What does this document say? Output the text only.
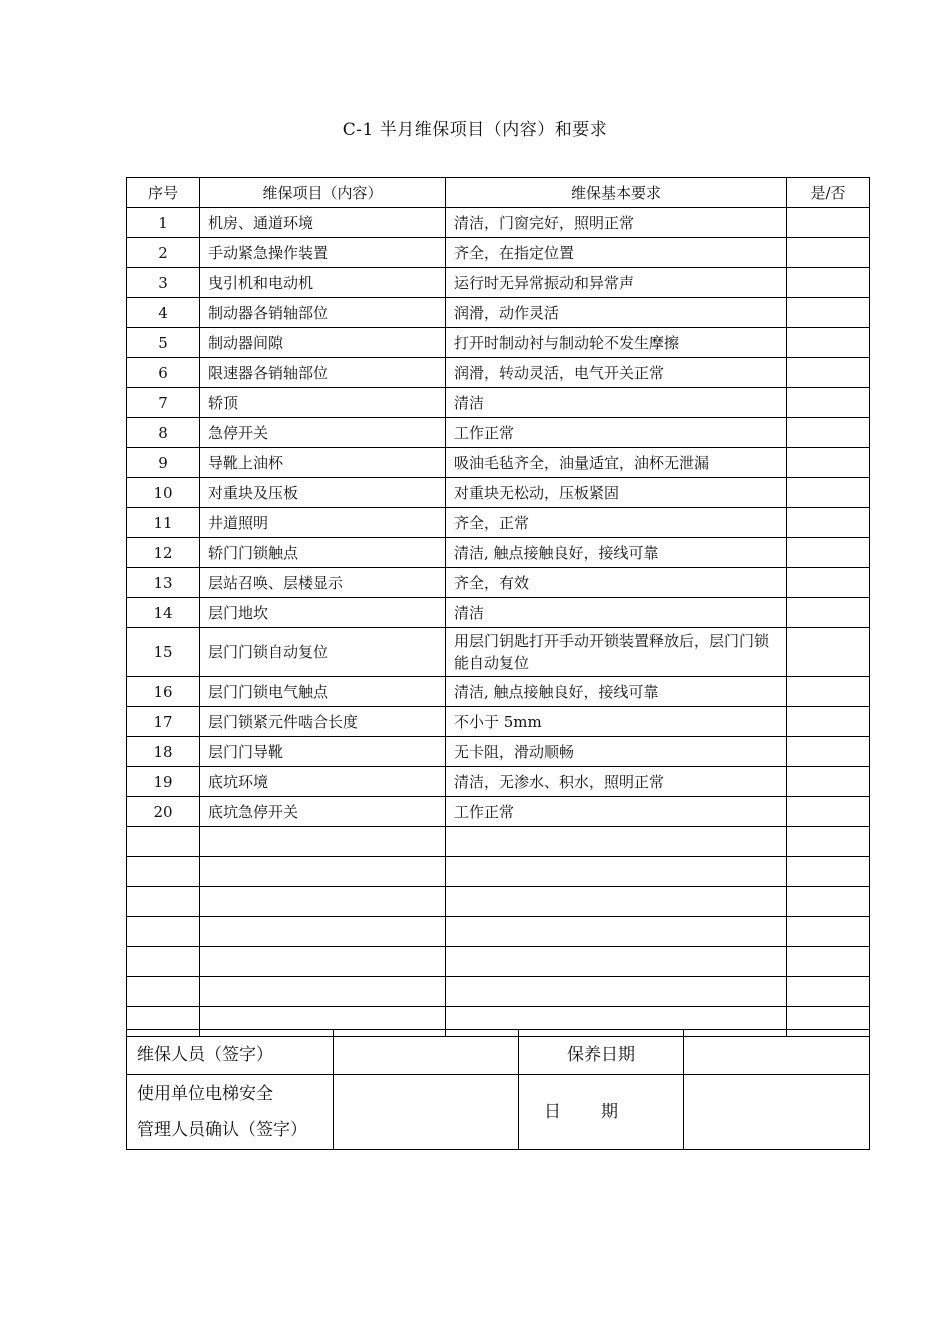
C-1 半月维保项目（内容）和要求
序号	维保项目（内容）	维保基本要求	是/否
1	机房、通道环境	清洁，门窗完好，照明正常	
2	手动紧急操作装置	齐全，在指定位置	
3	曳引机和电动机	运行时无异常振动和异常声	
4	制动器各销轴部位	润滑，动作灵活	
5	制动器间隙	打开时制动衬与制动轮不发生摩擦	
6	限速器各销轴部位	润滑，转动灵活，电气开关正常	
7	轿顶	清洁	
8	急停开关	工作正常	
9	导靴上油杯	吸油毛毡齐全，油量适宜，油杯无泄漏	
10	对重块及压板	对重块无松动，压板紧固	
11	井道照明	齐全，正常	
12	轿门门锁触点	清洁, 触点接触良好，接线可靠	
13	层站召唤、层楼显示	齐全，有效	
14	层门地坎	清洁	
15	层门门锁自动复位	用层门钥匙打开手动开锁装置释放后，层门门锁能自动复位	
16	层门门锁电气触点	清洁, 触点接触良好，接线可靠	
17	层门锁紧元件啮合长度	不小于 5mm	
18	层门门导靴	无卡阻，滑动顺畅	
19	底坑环境	清洁，无渗水、积水，照明正常	
20	底坑急停开关	工作正常	

维保人员（签字）		保养日期	

使用单位电梯安全
管理人员确认（签字）		日期	
